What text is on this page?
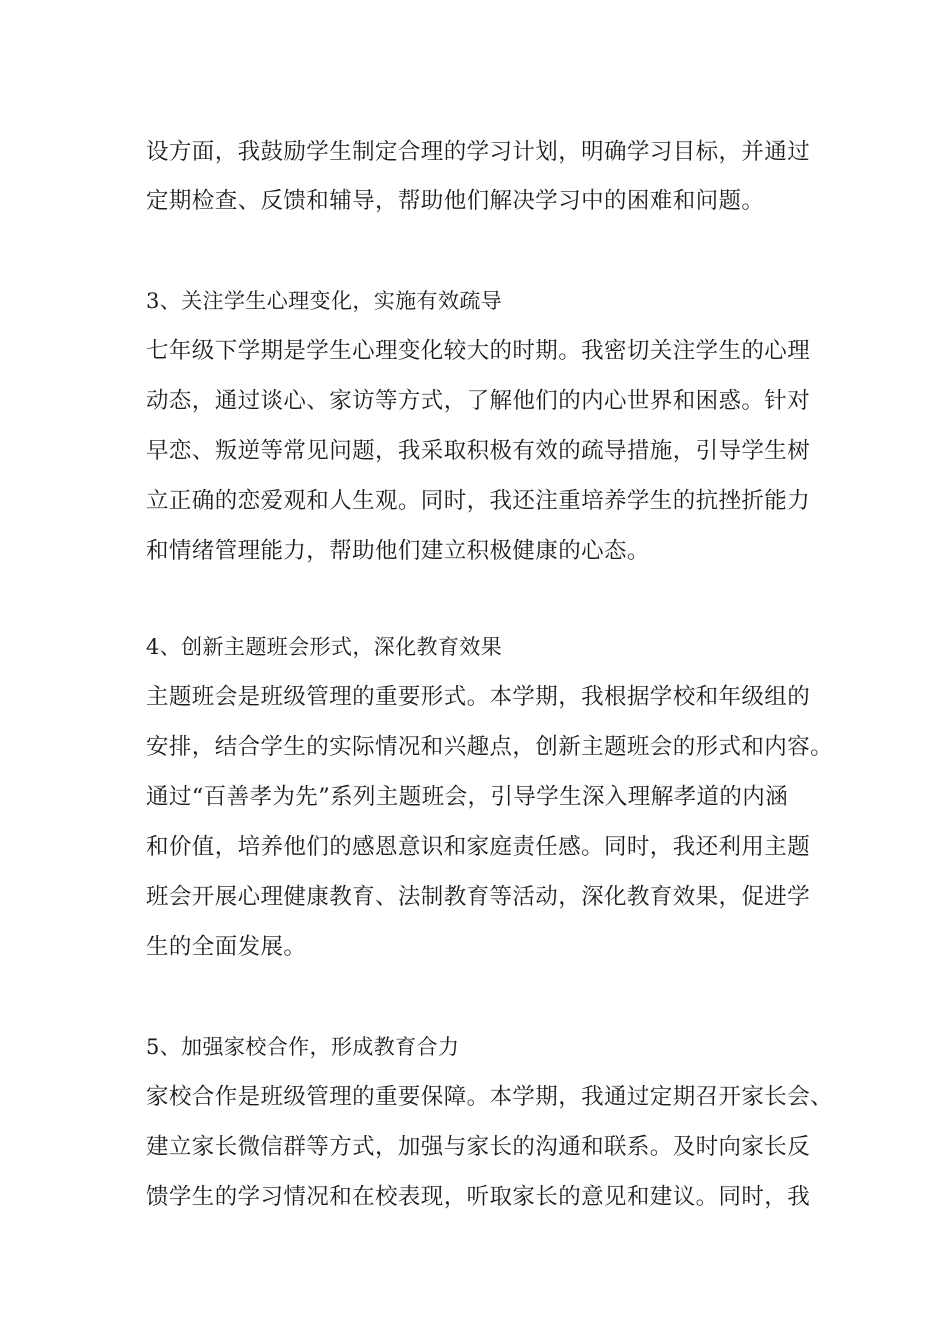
设方面，我鼓励学生制定合理的学习计划，明确学习目标，并通过
定期检查、反馈和辅导，帮助他们解决学习中的困难和问题。
3、关注学生心理变化，实施有效疏导
七年级下学期是学生心理变化较大的时期。我密切关注学生的心理
动态，通过谈心、家访等方式，了解他们的内心世界和困惑。针对
早恋、叛逆等常见问题，我采取积极有效的疏导措施，引导学生树
立正确的恋爱观和人生观。同时，我还注重培养学生的抗挫折能力
和情绪管理能力，帮助他们建立积极健康的心态。
4、创新主题班会形式，深化教育效果
主题班会是班级管理的重要形式。本学期，我根据学校和年级组的
安排，结合学生的实际情况和兴趣点，创新主题班会的形式和内容。
通过“百善孝为先”系列主题班会，引导学生深入理解孝道的内涵
和价值，培养他们的感恩意识和家庭责任感。同时，我还利用主题
班会开展心理健康教育、法制教育等活动，深化教育效果，促进学
生的全面发展。
5、加强家校合作，形成教育合力
家校合作是班级管理的重要保障。本学期，我通过定期召开家长会、
建立家长微信群等方式，加强与家长的沟通和联系。及时向家长反
馈学生的学习情况和在校表现，听取家长的意见和建议。同时，我
